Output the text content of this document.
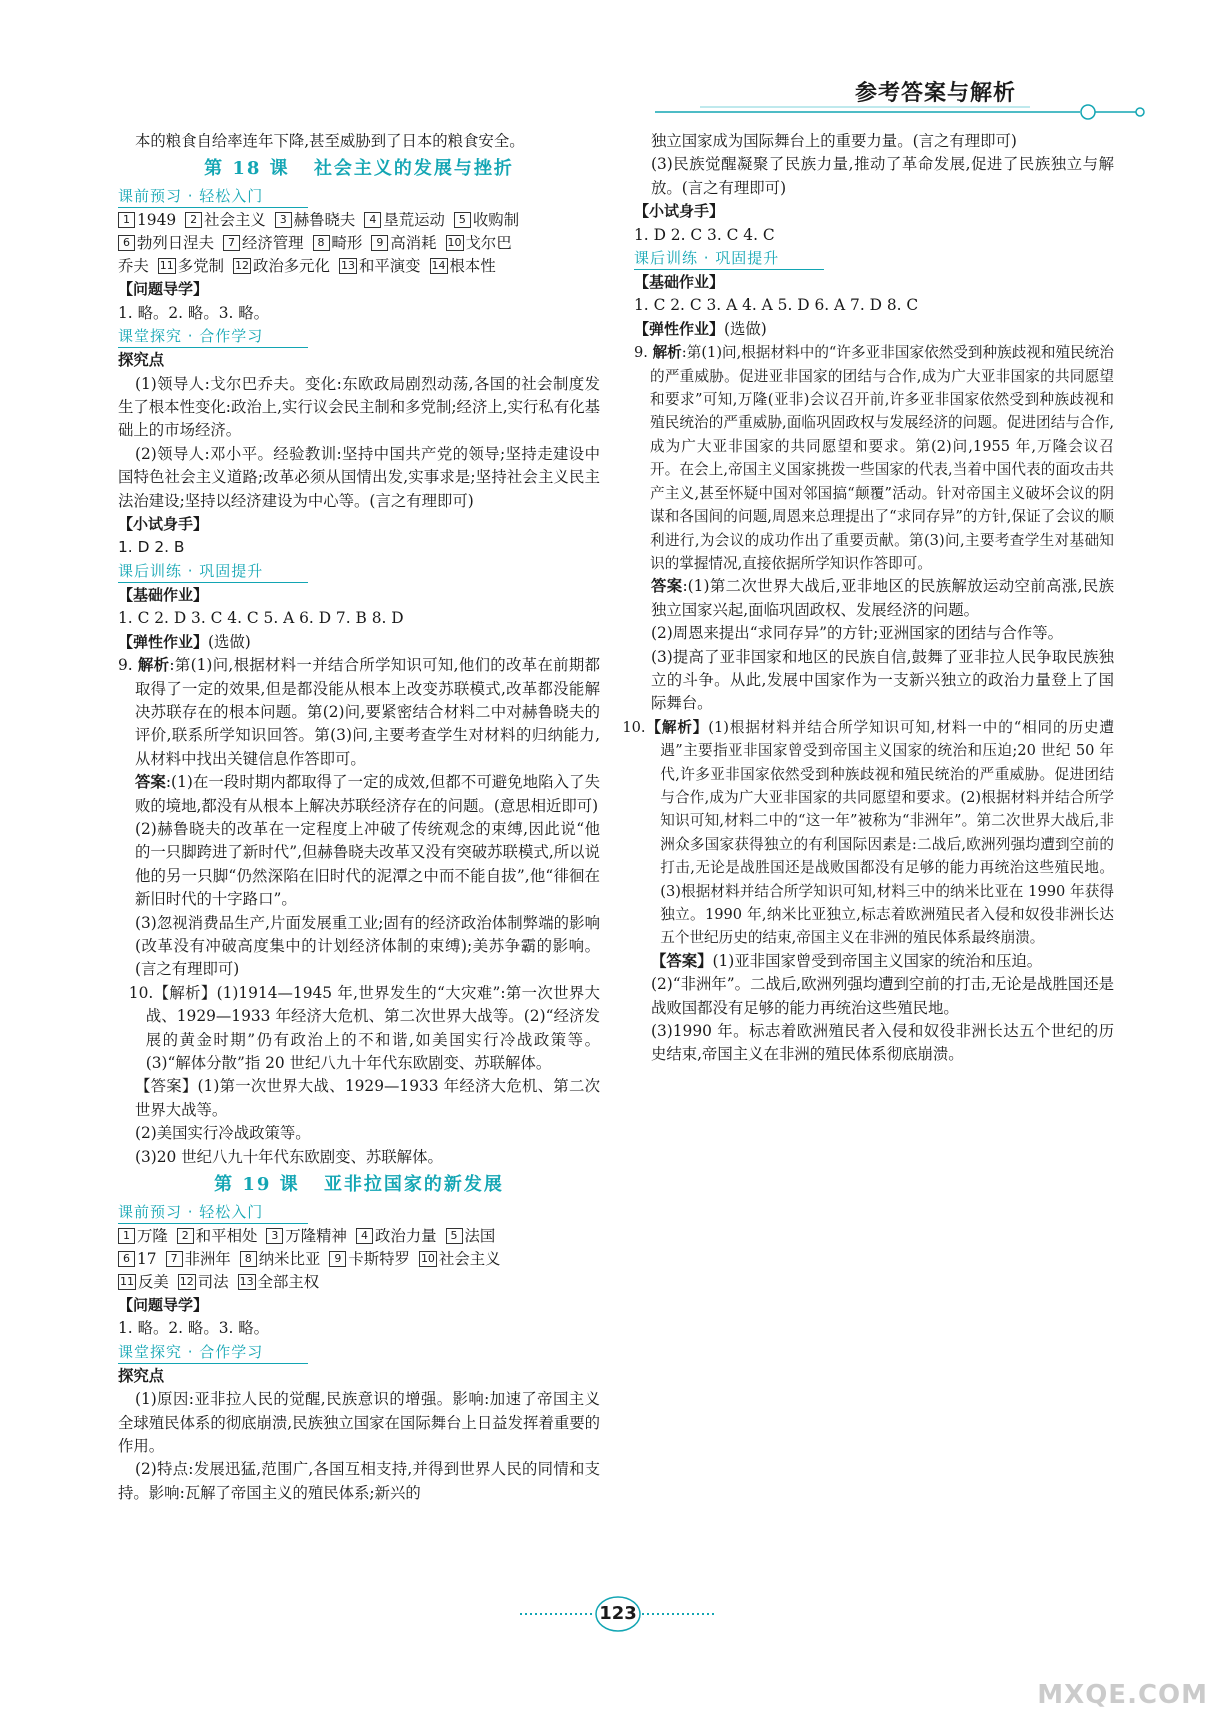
参考答案与解析

本的粮食自给率连年下降,甚至威胁到了日本的粮食安全。

第 18 课 社会主义的发展与挫折
课前预习 · 轻松入门
1 1949 2 社会主义 3 赫鲁晓夫 4 垦荒运动 5 收购制
6 勃列日涅夫 7 经济管理 8 畸形 9 高消耗 10 戈尔巴
乔夫 11 多党制 12 政治多元化 13 和平演变 14 根本性

【问题导学】

1. 略。2. 略。3. 略。

课堂探究 · 合作学习

探究点

(1)领导人:戈尔巴乔夫。变化:东欧政局剧烈动荡,各国的社会制度发生了根本性变化:政治上,实行议会民主制和多党制;经济上,实行私有化基础上的市场经济。

(2)领导人:邓小平。经验教训:坚持中国共产党的领导;坚持走建设中国特色社会主义道路;改革必须从国情出发,实事求是;坚持社会主义民主法治建设;坚持以经济建设为中心等。(言之有理即可)

【小试身手】

1. D 2. B

课后训练 · 巩固提升

【基础作业】

1. C 2. D 3. C 4. C 5. A 6. D 7. B 8. D

【弹性作业】(选做)

9. 解析:第(1)问,根据材料一并结合所学知识可知,他们的改革在前期都取得了一定的效果,但是都没能从根本上改变苏联模式,改革都没能解决苏联存在的根本问题。第(2)问,要紧密结合材料二中对赫鲁晓夫的评价,联系所学知识回答。第(3)问,主要考查学生对材料的归纳能力,从材料中找出关键信息作答即可。

答案:(1)在一段时期内都取得了一定的成效,但都不可避免地陷入了失败的境地,都没有从根本上解决苏联经济存在的问题。(意思相近即可)

(2)赫鲁晓夫的改革在一定程度上冲破了传统观念的束缚,因此说“他的一只脚跨进了新时代”,但赫鲁晓夫改革又没有突破苏联模式,所以说他的另一只脚“仍然深陷在旧时代的泥潭之中而不能自拔”,他“徘徊在新旧时代的十字路口”。

(3)忽视消费品生产,片面发展重工业;固有的经济政治体制弊端的影响(改革没有冲破高度集中的计划经济体制的束缚);美苏争霸的影响。(言之有理即可)

10.【解析】(1)1914—1945 年,世界发生的“大灾难”:第一次世界大战、1929—1933 年经济大危机、第二次世界大战等。(2)“经济发展的黄金时期”仍有政治上的不和谐,如美国实行冷战政策等。(3)“解体分散”指 20 世纪八九十年代东欧剧变、苏联解体。

【答案】(1)第一次世界大战、1929—1933 年经济大危机、第二次世界大战等。

(2)美国实行冷战政策等。

(3)20 世纪八九十年代东欧剧变、苏联解体。

第 19 课 亚非拉国家的新发展
课前预习 · 轻松入门
1 万隆 2 和平相处 3 万隆精神 4 政治力量 5 法国
6 17 7 非洲年 8 纳米比亚 9 卡斯特罗 10 社会主义
11 反美 12 司法 13 全部主权

【问题导学】

1. 略。2. 略。3. 略。

课堂探究 · 合作学习

探究点

(1)原因:亚非拉人民的觉醒,民族意识的增强。影响:加速了帝国主义全球殖民体系的彻底崩溃,民族独立国家在国际舞台上日益发挥着重要的作用。

(2)特点:发展迅猛,范围广,各国互相支持,并得到世界人民的同情和支持。影响:瓦解了帝国主义的殖民体系;新兴的

独立国家成为国际舞台上的重要力量。(言之有理即可)

(3)民族觉醒凝聚了民族力量,推动了革命发展,促进了民族独立与解放。(言之有理即可)

【小试身手】

1. D 2. C 3. C 4. C

课后训练 · 巩固提升

【基础作业】

1. C 2. C 3. A 4. A 5. D 6. A 7. D 8. C

【弹性作业】(选做)

9. 解析:第(1)问,根据材料中的“许多亚非国家依然受到种族歧视和殖民统治的严重威胁。促进亚非国家的团结与合作,成为广大亚非国家的共同愿望和要求”可知,万隆(亚非)会议召开前,许多亚非国家依然受到种族歧视和殖民统治的严重威胁,面临巩固政权与发展经济的问题。促进团结与合作,成为广大亚非国家的共同愿望和要求。第(2)问,1955 年,万隆会议召开。在会上,帝国主义国家挑拨一些国家的代表,当着中国代表的面攻击共产主义,甚至怀疑中国对邻国搞“颠覆”活动。针对帝国主义破坏会议的阴谋和各国间的问题,周恩来总理提出了“求同存异”的方针,保证了会议的顺利进行,为会议的成功作出了重要贡献。第(3)问,主要考查学生对基础知识的掌握情况,直接依据所学知识作答即可。

答案:(1)第二次世界大战后,亚非地区的民族解放运动空前高涨,民族独立国家兴起,面临巩固政权、发展经济的问题。

(2)周恩来提出“求同存异”的方针;亚洲国家的团结与合作等。

(3)提高了亚非国家和地区的民族自信,鼓舞了亚非拉人民争取民族独立的斗争。从此,发展中国家作为一支新兴独立的政治力量登上了国际舞台。

10.【解析】(1)根据材料并结合所学知识可知,材料一中的“相同的历史遭遇”主要指亚非国家曾受到帝国主义国家的统治和压迫;20 世纪 50 年代,许多亚非国家依然受到种族歧视和殖民统治的严重威胁。促进团结与合作,成为广大亚非国家的共同愿望和要求。(2)根据材料并结合所学知识可知,材料二中的“这一年”被称为“非洲年”。第二次世界大战后,非洲众多国家获得独立的有利国际因素是:二战后,欧洲列强均遭到空前的打击,无论是战胜国还是战败国都没有足够的能力再统治这些殖民地。(3)根据材料并结合所学知识可知,材料三中的纳米比亚在 1990 年获得独立。1990 年,纳米比亚独立,标志着欧洲殖民者入侵和奴役非洲长达五个世纪历史的结束,帝国主义在非洲的殖民体系最终崩溃。

【答案】(1)亚非国家曾受到帝国主义国家的统治和压迫。

(2)“非洲年”。二战后,欧洲列强均遭到空前的打击,无论是战胜国还是战败国都没有足够的能力再统治这些殖民地。

(3)1990 年。标志着欧洲殖民者入侵和奴役非洲长达五个世纪的历史结束,帝国主义在非洲的殖民体系彻底崩溃。

123
MXQE.COM
